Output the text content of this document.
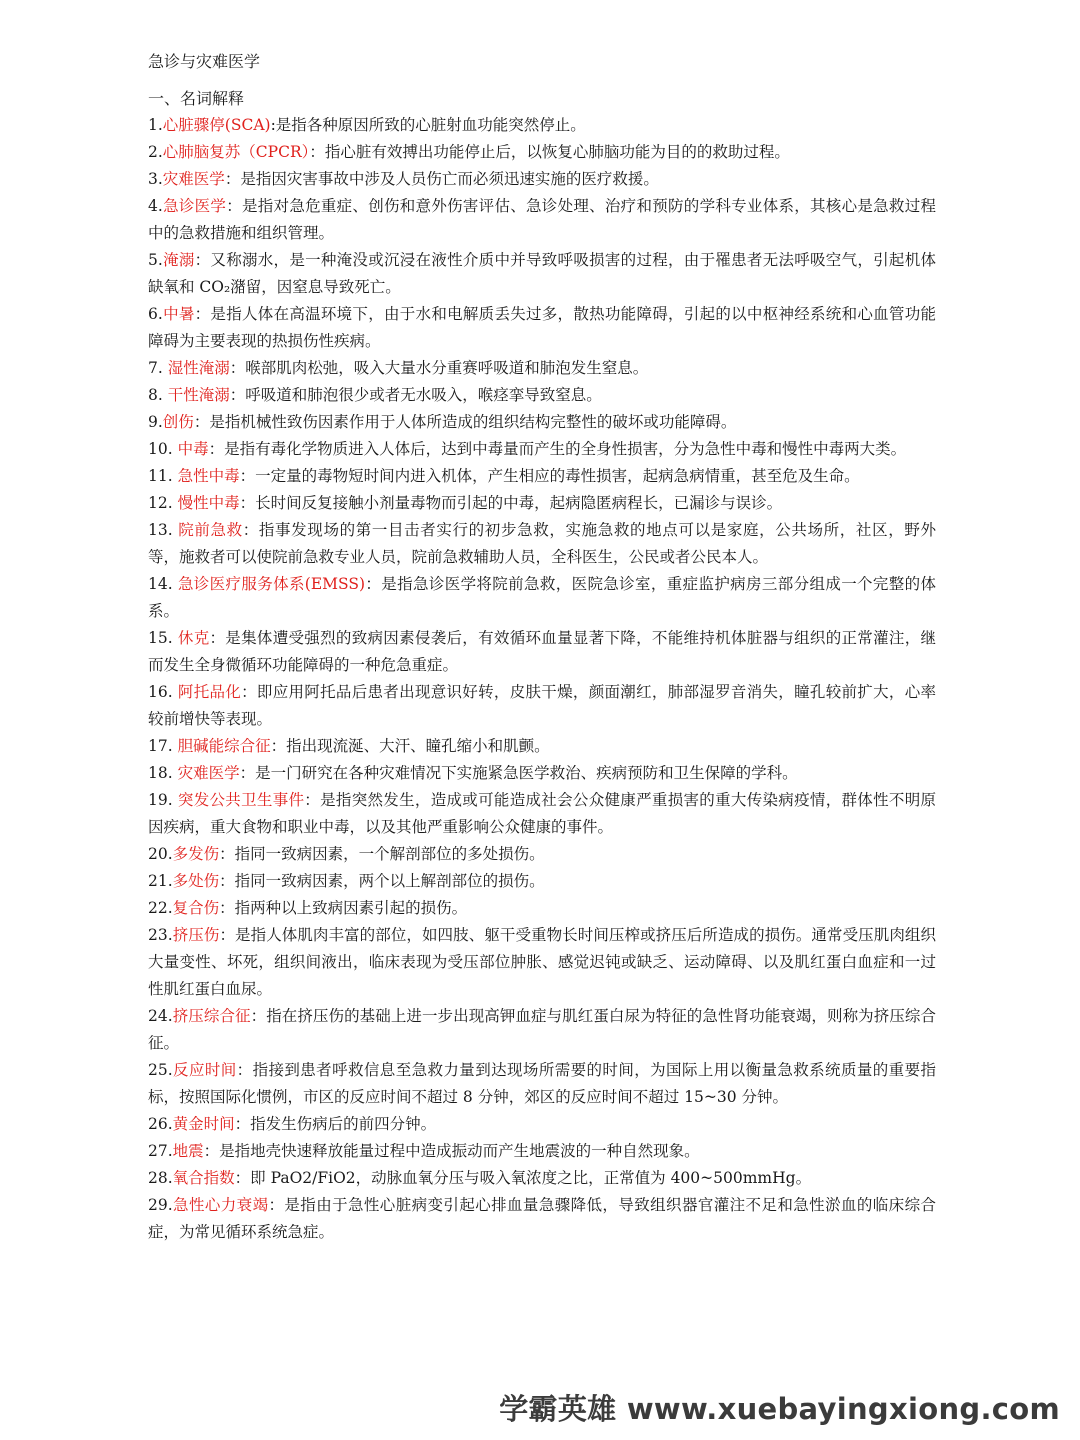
急诊与灾难医学
一、名词解释

1.心脏骤停(SCA):是指各种原因所致的心脏射血功能突然停止。

2.心肺脑复苏（CPCR）：指心脏有效搏出功能停止后，以恢复心肺脑功能为目的的救助过程。

3.灾难医学：是指因灾害事故中涉及人员伤亡而必须迅速实施的医疗救援。

4.急诊医学：是指对急危重症、创伤和意外伤害评估、急诊处理、治疗和预防的学科专业体系，其核心是急救过程中的急救措施和组织管理。

5.淹溺：又称溺水，是一种淹没或沉浸在液性介质中并导致呼吸损害的过程，由于罹患者无法呼吸空气，引起机体缺氧和 CO₂潴留，因窒息导致死亡。

6.中暑：是指人体在高温环境下，由于水和电解质丢失过多，散热功能障碍，引起的以中枢神经系统和心血管功能障碍为主要表现的热损伤性疾病。

7. 湿性淹溺：喉部肌肉松弛，吸入大量水分重赛呼吸道和肺泡发生窒息。

8. 干性淹溺：呼吸道和肺泡很少或者无水吸入，喉痉挛导致窒息。

9.创伤：是指机械性致伤因素作用于人体所造成的组织结构完整性的破坏或功能障碍。

10. 中毒：是指有毒化学物质进入人体后，达到中毒量而产生的全身性损害，分为急性中毒和慢性中毒两大类。

11. 急性中毒：一定量的毒物短时间内进入机体，产生相应的毒性损害，起病急病情重，甚至危及生命。

12. 慢性中毒：长时间反复接触小剂量毒物而引起的中毒，起病隐匿病程长，已漏诊与误诊。

13. 院前急救：指事发现场的第一目击者实行的初步急救，实施急救的地点可以是家庭，公共场所，社区，野外等，施救者可以使院前急救专业人员，院前急救辅助人员，全科医生，公民或者公民本人。

14. 急诊医疗服务体系(EMSS)：是指急诊医学将院前急救，医院急诊室，重症监护病房三部分组成一个完整的体系。

15. 休克：是集体遭受强烈的致病因素侵袭后，有效循环血量显著下降，不能维持机体脏器与组织的正常灌注，继而发生全身微循环功能障碍的一种危急重症。

16. 阿托品化：即应用阿托品后患者出现意识好转，皮肤干燥，颜面潮红，肺部湿罗音消失，瞳孔较前扩大，心率较前增快等表现。

17. 胆碱能综合征：指出现流涎、大汗、瞳孔缩小和肌颤。

18. 灾难医学：是一门研究在各种灾难情况下实施紧急医学救治、疾病预防和卫生保障的学科。

19. 突发公共卫生事件：是指突然发生，造成或可能造成社会公众健康严重损害的重大传染病疫情，群体性不明原因疾病，重大食物和职业中毒，以及其他严重影响公众健康的事件。

20.多发伤：指同一致病因素，一个解剖部位的多处损伤。

21.多处伤：指同一致病因素，两个以上解剖部位的损伤。

22.复合伤：指两种以上致病因素引起的损伤。

23.挤压伤：是指人体肌肉丰富的部位，如四肢、躯干受重物长时间压榨或挤压后所造成的损伤。通常受压肌肉组织大量变性、坏死，组织间液出，临床表现为受压部位肿胀、感觉迟钝或缺乏、运动障碍、以及肌红蛋白血症和一过性肌红蛋白血尿。

24.挤压综合征：指在挤压伤的基础上进一步出现高钾血症与肌红蛋白尿为特征的急性肾功能衰竭，则称为挤压综合征。

25.反应时间：指接到患者呼救信息至急救力量到达现场所需要的时间，为国际上用以衡量急救系统质量的重要指标，按照国际化惯例，市区的反应时间不超过 8 分钟，郊区的反应时间不超过 15~30 分钟。

26.黄金时间：指发生伤病后的前四分钟。

27.地震：是指地壳快速释放能量过程中造成振动而产生地震波的一种自然现象。

28.氧合指数：即 PaO2/FiO2，动脉血氧分压与吸入氧浓度之比，正常值为 400~500mmHg。

29.急性心力衰竭：是指由于急性心脏病变引起心排血量急骤降低，导致组织器官灌注不足和急性淤血的临床综合症，为常见循环系统急症。

学霸英雄 www.xuebayingxiong.com
